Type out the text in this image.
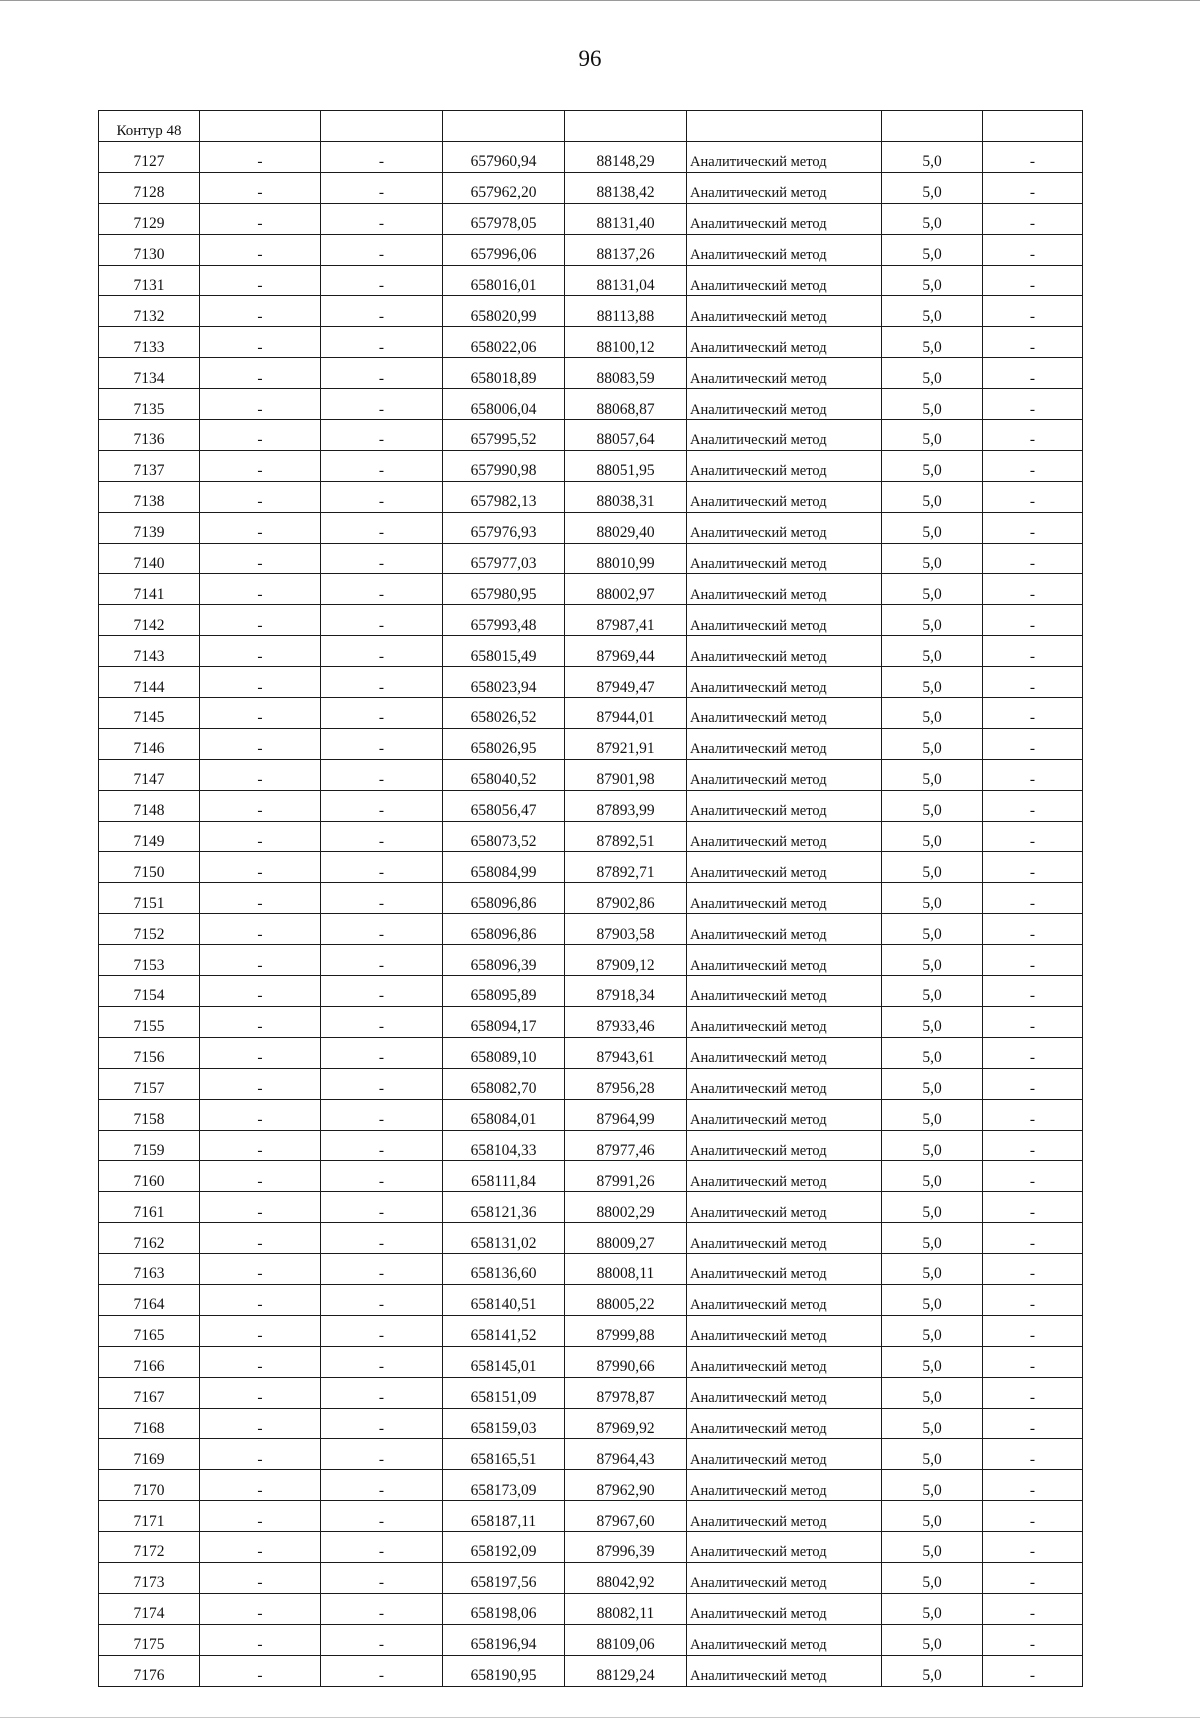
96
Контур 48							
7127	-	-	657960,94	88148,29	Аналитический метод	5,0	-
7128	-	-	657962,20	88138,42	Аналитический метод	5,0	-
7129	-	-	657978,05	88131,40	Аналитический метод	5,0	-
7130	-	-	657996,06	88137,26	Аналитический метод	5,0	-
7131	-	-	658016,01	88131,04	Аналитический метод	5,0	-
7132	-	-	658020,99	88113,88	Аналитический метод	5,0	-
7133	-	-	658022,06	88100,12	Аналитический метод	5,0	-
7134	-	-	658018,89	88083,59	Аналитический метод	5,0	-
7135	-	-	658006,04	88068,87	Аналитический метод	5,0	-
7136	-	-	657995,52	88057,64	Аналитический метод	5,0	-
7137	-	-	657990,98	88051,95	Аналитический метод	5,0	-
7138	-	-	657982,13	88038,31	Аналитический метод	5,0	-
7139	-	-	657976,93	88029,40	Аналитический метод	5,0	-
7140	-	-	657977,03	88010,99	Аналитический метод	5,0	-
7141	-	-	657980,95	88002,97	Аналитический метод	5,0	-
7142	-	-	657993,48	87987,41	Аналитический метод	5,0	-
7143	-	-	658015,49	87969,44	Аналитический метод	5,0	-
7144	-	-	658023,94	87949,47	Аналитический метод	5,0	-
7145	-	-	658026,52	87944,01	Аналитический метод	5,0	-
7146	-	-	658026,95	87921,91	Аналитический метод	5,0	-
7147	-	-	658040,52	87901,98	Аналитический метод	5,0	-
7148	-	-	658056,47	87893,99	Аналитический метод	5,0	-
7149	-	-	658073,52	87892,51	Аналитический метод	5,0	-
7150	-	-	658084,99	87892,71	Аналитический метод	5,0	-
7151	-	-	658096,86	87902,86	Аналитический метод	5,0	-
7152	-	-	658096,86	87903,58	Аналитический метод	5,0	-
7153	-	-	658096,39	87909,12	Аналитический метод	5,0	-
7154	-	-	658095,89	87918,34	Аналитический метод	5,0	-
7155	-	-	658094,17	87933,46	Аналитический метод	5,0	-
7156	-	-	658089,10	87943,61	Аналитический метод	5,0	-
7157	-	-	658082,70	87956,28	Аналитический метод	5,0	-
7158	-	-	658084,01	87964,99	Аналитический метод	5,0	-
7159	-	-	658104,33	87977,46	Аналитический метод	5,0	-
7160	-	-	658111,84	87991,26	Аналитический метод	5,0	-
7161	-	-	658121,36	88002,29	Аналитический метод	5,0	-
7162	-	-	658131,02	88009,27	Аналитический метод	5,0	-
7163	-	-	658136,60	88008,11	Аналитический метод	5,0	-
7164	-	-	658140,51	88005,22	Аналитический метод	5,0	-
7165	-	-	658141,52	87999,88	Аналитический метод	5,0	-
7166	-	-	658145,01	87990,66	Аналитический метод	5,0	-
7167	-	-	658151,09	87978,87	Аналитический метод	5,0	-
7168	-	-	658159,03	87969,92	Аналитический метод	5,0	-
7169	-	-	658165,51	87964,43	Аналитический метод	5,0	-
7170	-	-	658173,09	87962,90	Аналитический метод	5,0	-
7171	-	-	658187,11	87967,60	Аналитический метод	5,0	-
7172	-	-	658192,09	87996,39	Аналитический метод	5,0	-
7173	-	-	658197,56	88042,92	Аналитический метод	5,0	-
7174	-	-	658198,06	88082,11	Аналитический метод	5,0	-
7175	-	-	658196,94	88109,06	Аналитический метод	5,0	-
7176	-	-	658190,95	88129,24	Аналитический метод	5,0	-
